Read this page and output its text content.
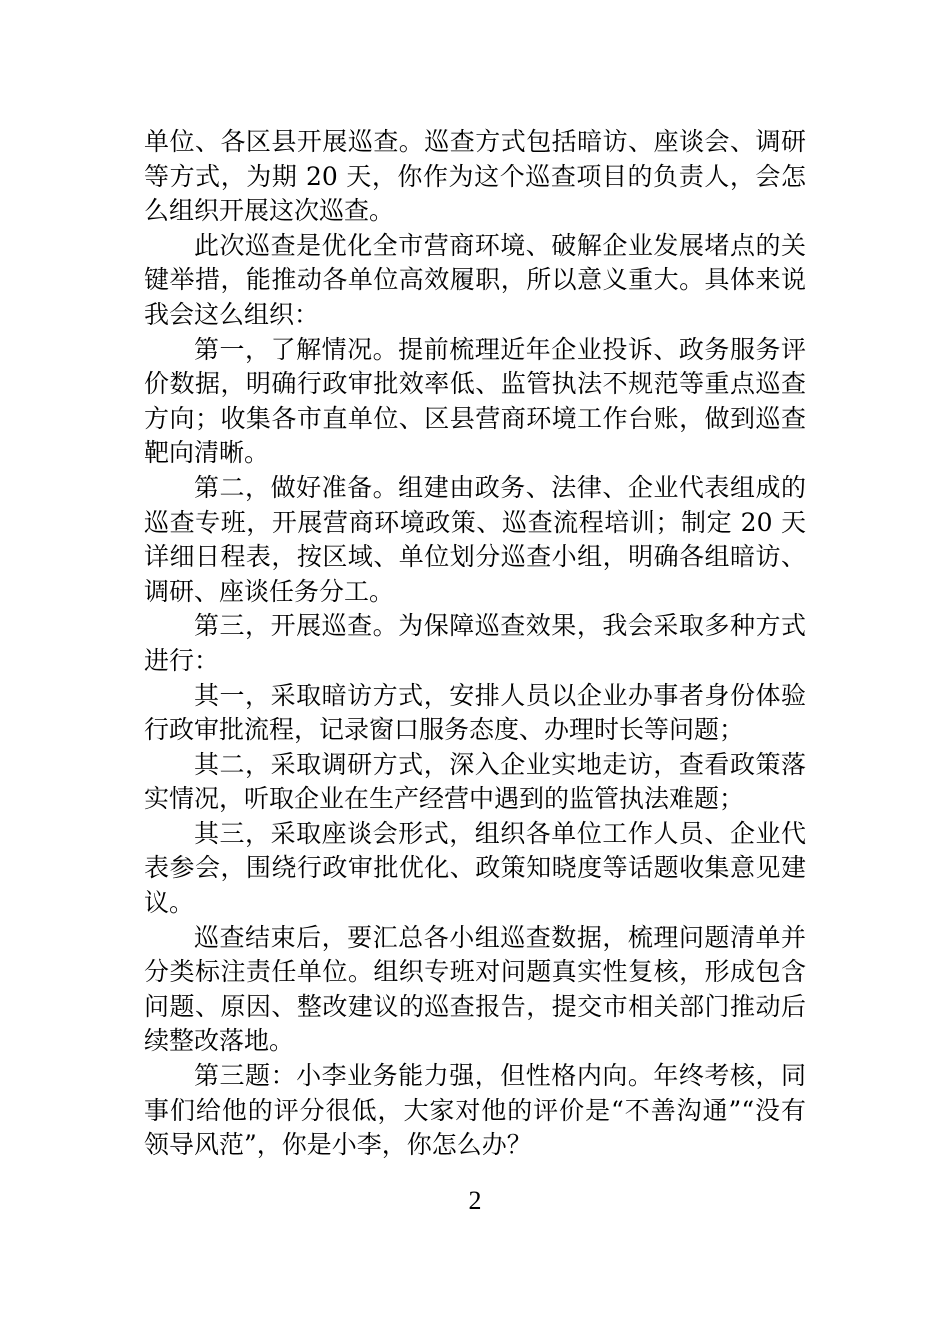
单位、各区县开展巡查。巡查方式包括暗访、座谈会、调研等方式，为期 20 天，你作为这个巡查项目的负责人，会怎么组织开展这次巡查。

此次巡查是优化全市营商环境、破解企业发展堵点的关键举措，能推动各单位高效履职，所以意义重大。具体来说我会这么组织：

第一，了解情况。提前梳理近年企业投诉、政务服务评价数据，明确行政审批效率低、监管执法不规范等重点巡查方向；收集各市直单位、区县营商环境工作台账，做到巡查靶向清晰。

第二，做好准备。组建由政务、法律、企业代表组成的巡查专班，开展营商环境政策、巡查流程培训；制定 20 天详细日程表，按区域、单位划分巡查小组，明确各组暗访、调研、座谈任务分工。

第三，开展巡查。为保障巡查效果，我会采取多种方式进行：

其一，采取暗访方式，安排人员以企业办事者身份体验行政审批流程，记录窗口服务态度、办理时长等问题；

其二，采取调研方式，深入企业实地走访，查看政策落实情况，听取企业在生产经营中遇到的监管执法难题；

其三，采取座谈会形式，组织各单位工作人员、企业代表参会，围绕行政审批优化、政策知晓度等话题收集意见建议。

巡查结束后，要汇总各小组巡查数据，梳理问题清单并分类标注责任单位。组织专班对问题真实性复核，形成包含问题、原因、整改建议的巡查报告，提交市相关部门推动后续整改落地。

第三题：小李业务能力强，但性格内向。年终考核，同事们给他的评分很低，大家对他的评价是“不善沟通”“没有领导风范”，你是小李，你怎么办？

2
